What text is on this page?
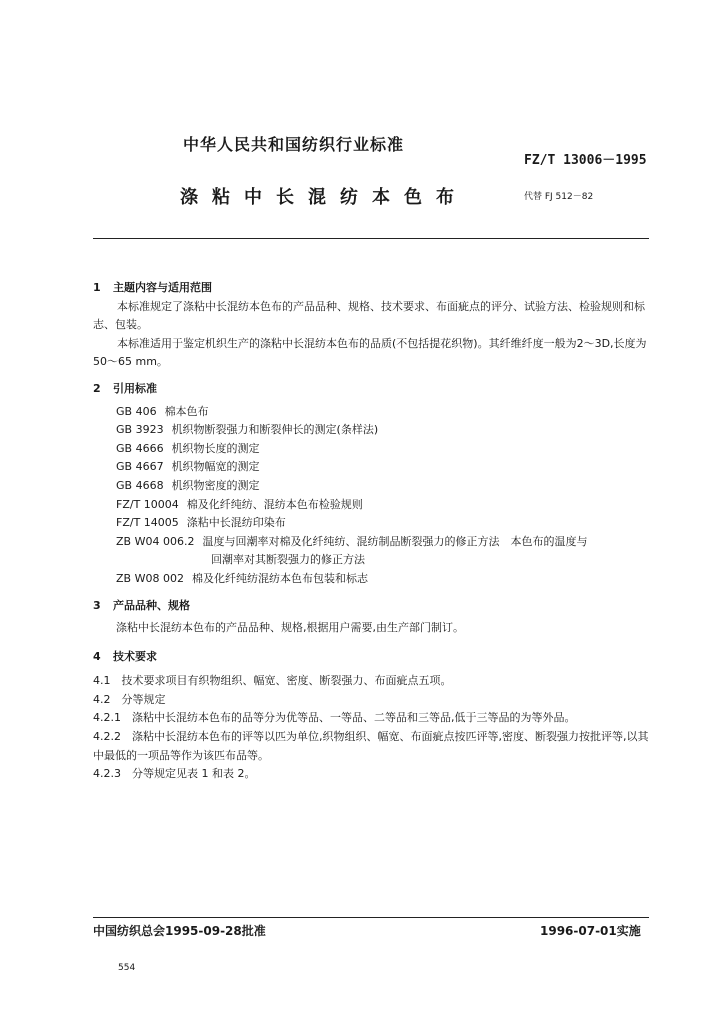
中华人民共和国纺织行业标准
FZ/T 13006－1995
涤粘中长混纺本色布	代替 FJ 512－82
1 主题内容与适用范围
本标准规定了涤粘中长混纺本色布的产品品种、规格、技术要求、布面疵点的评分、试验方法、检验规则和标志、包装。
本标准适用于鉴定机织生产的涤粘中长混纺本色布的品质(不包括提花织物)。其纤维纤度一般为2～3D,长度为 50～65 mm。
2 引用标准
GB 406 棉本色布
GB 3923 机织物断裂强力和断裂伸长的测定(条样法)
GB 4666 机织物长度的测定
GB 4667 机织物幅宽的测定
GB 4668 机织物密度的测定
FZ/T 10004 棉及化纤纯纺、混纺本色布检验规则
FZ/T 14005 涤粘中长混纺印染布
ZB W04 006.2 温度与回潮率对棉及化纤纯纺、混纺制品断裂强力的修正方法　本色布的温度与
回潮率对其断裂强力的修正方法
ZB W08 002 棉及化纤纯纺混纺本色布包装和标志
3 产品品种、规格
涤粘中长混纺本色布的产品品种、规格,根据用户需要,由生产部门制订。
4 技术要求
4.1　技术要求项目有织物组织、幅宽、密度、断裂强力、布面疵点五项。
4.2　分等规定
4.2.1　涤粘中长混纺本色布的品等分为优等品、一等品、二等品和三等品,低于三等品的为等外品。
4.2.2　涤粘中长混纺本色布的评等以匹为单位,织物组织、幅宽、布面疵点按匹评等,密度、断裂强力按批评等,以其中最低的一项品等作为该匹布品等。
4.2.3　分等规定见表 1 和表 2。
中国纺织总会1995-09-28批准	1996-07-01实施
554
